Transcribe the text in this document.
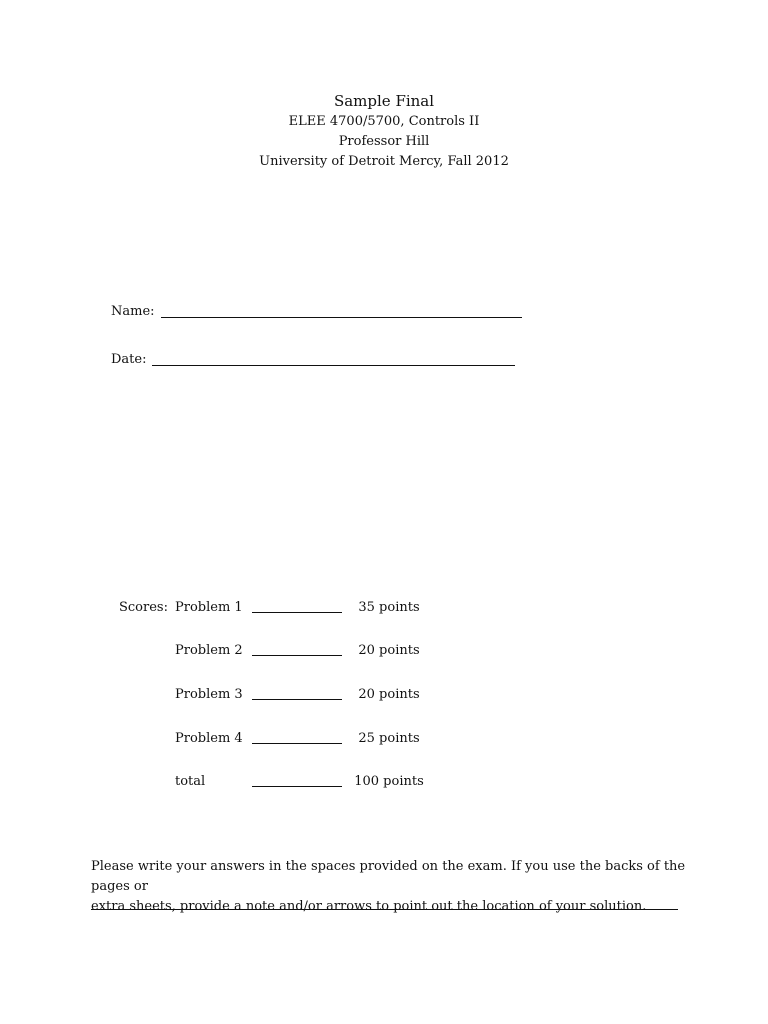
Sample Final
ELEE 4700/5700, Controls II
Professor Hill
University of Detroit Mercy, Fall 2012
Name:
Date:
Scores: Problem 1	35 points
Problem 2	20 points
Problem 3	20 points
Problem 4	25 points
total	100 points
Please write your answers in the spaces provided on the exam. If you use the backs of the pages or
extra sheets, provide a note and/or arrows to point out the location of your solution.
